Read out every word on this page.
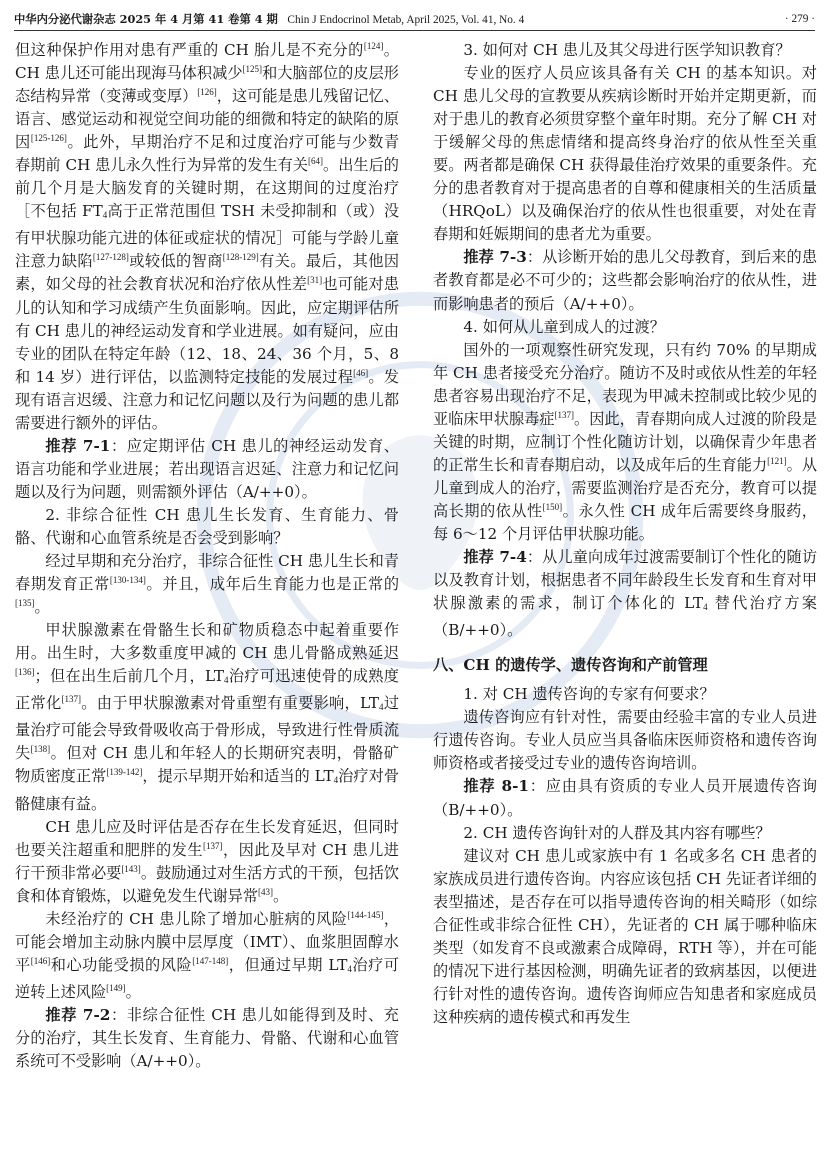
中华内分泌代谢杂志 2025 年 4 月第 41 卷第 4 期 Chin J Endocrinol Metab, April 2025, Vol. 41, No. 4	· 279 ·

但这种保护作用对患有严重的 CH 胎儿是不充分的[124]。CH 患儿还可能出现海马体积减少[125]和大脑部位的皮层形态结构异常（变薄或变厚）[126]，这可能是患儿残留记忆、语言、感觉运动和视觉空间功能的细微和特定的缺陷的原因[125-126]。此外，早期治疗不足和过度治疗可能与少数青春期前 CH 患儿永久性行为异常的发生有关[64]。出生后的前几个月是大脑发育的关键时期，在这期间的过度治疗［不包括 $FT_4$高于正常范围但 TSH 未受抑制和（或）没有甲状腺功能亢进的体征或症状的情况］可能与学龄儿童注意力缺陷[127-128]或较低的智商[128-129]有关。最后，其他因素，如父母的社会教育状况和治疗依从性差[31]也可能对患儿的认知和学习成绩产生负面影响。因此，应定期评估所有 CH 患儿的神经运动发育和学业进展。如有疑问，应由专业的团队在特定年龄（12、18、24、36 个月，5、8 和 14 岁）进行评估，以监测特定技能的发展过程[46]。发现有语言迟缓、注意力和记忆问题以及行为问题的患儿都需要进行额外的评估。

推荐 7-1：应定期评估 CH 患儿的神经运动发育、语言功能和学业进展；若出现语言迟延、注意力和记忆问题以及行为问题，则需额外评估（A/++0）。

2. 非综合征性 CH 患儿生长发育、生育能力、骨骼、代谢和心血管系统是否会受到影响？

经过早期和充分治疗，非综合征性 CH 患儿生长和青春期发育正常[130-134]。并且，成年后生育能力也是正常的[135]。

甲状腺激素在骨骼生长和矿物质稳态中起着重要作用。出生时，大多数重度甲减的 CH 患儿骨骼成熟延迟[136]；但在出生后前几个月，$LT_4$治疗可迅速使骨的成熟度正常化[137]。由于甲状腺激素对骨重塑有重要影响，$LT_4$过量治疗可能会导致骨吸收高于骨形成，导致进行性骨质流失[138]。但对 CH 患儿和年轻人的长期研究表明，骨骼矿物质密度正常[139-142]，提示早期开始和适当的 $LT_4$治疗对骨骼健康有益。

CH 患儿应及时评估是否存在生长发育延迟，但同时也要关注超重和肥胖的发生[137]，因此及早对 CH 患儿进行干预非常必要[143]。鼓励通过对生活方式的干预，包括饮食和体育锻炼，以避免发生代谢异常[43]。

未经治疗的 CH 患儿除了增加心脏病的风险[144-145]，可能会增加主动脉内膜中层厚度（IMT）、血浆胆固醇水平[146]和心功能受损的风险[147-148]，但通过早期 $LT_4$治疗可逆转上述风险[149]。

推荐 7-2：非综合征性 CH 患儿如能得到及时、充分的治疗，其生长发育、生育能力、骨骼、代谢和心血管系统可不受影响（A/++0）。

3. 如何对 CH 患儿及其父母进行医学知识教育？

专业的医疗人员应该具备有关 CH 的基本知识。对 CH 患儿父母的宣教要从疾病诊断时开始并定期更新，而对于患儿的教育必须贯穿整个童年时期。充分了解 CH 对于缓解父母的焦虑情绪和提高终身治疗的依从性至关重要。两者都是确保 CH 获得最佳治疗效果的重要条件。充分的患者教育对于提高患者的自尊和健康相关的生活质量（HRQoL）以及确保治疗的依从性也很重要，对处在青春期和妊娠期间的患者尤为重要。

推荐 7-3：从诊断开始的患儿父母教育，到后来的患者教育都是必不可少的；这些都会影响治疗的依从性，进而影响患者的预后（A/++0）。

4. 如何从儿童到成人的过渡？

国外的一项观察性研究发现，只有约 70% 的早期成年 CH 患者接受充分治疗。随访不及时或依从性差的年轻患者容易出现治疗不足，表现为甲减未控制或比较少见的亚临床甲状腺毒症[137]。因此，青春期向成人过渡的阶段是关键的时期，应制订个性化随访计划，以确保青少年患者的正常生长和青春期启动，以及成年后的生育能力[121]。从儿童到成人的治疗，需要监测治疗是否充分，教育可以提高长期的依从性[150]。永久性 CH 成年后需要终身服药，每 6～12 个月评估甲状腺功能。

推荐 7-4：从儿童向成年过渡需要制订个性化的随访以及教育计划，根据患者不同年龄段生长发育和生育对甲状腺激素的需求，制订个体化的 $LT_4$ 替代治疗方案（B/++0）。

八、CH 的遗传学、遗传咨询和产前管理

1. 对 CH 遗传咨询的专家有何要求？

遗传咨询应有针对性，需要由经验丰富的专业人员进行遗传咨询。专业人员应当具备临床医师资格和遗传咨询师资格或者接受过专业的遗传咨询培训。

推荐 8-1：应由具有资质的专业人员开展遗传咨询（B/++0）。

2. CH 遗传咨询针对的人群及其内容有哪些？

建议对 CH 患儿或家族中有 1 名或多名 CH 患者的家族成员进行遗传咨询。内容应该包括 CH 先证者详细的表型描述，是否存在可以指导遗传咨询的相关畸形（如综合征性或非综合征性 CH），先证者的 CH 属于哪种临床类型（如发育不良或激素合成障碍，RTH 等），并在可能的情况下进行基因检测，明确先证者的致病基因，以便进行针对性的遗传咨询。遗传咨询师应告知患者和家庭成员这种疾病的遗传模式和再发生
